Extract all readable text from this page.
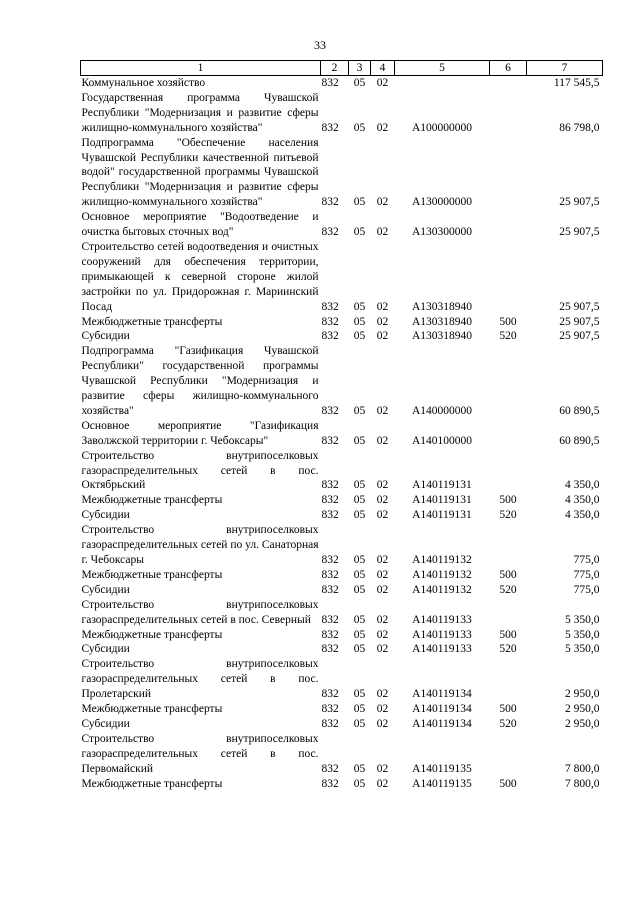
33
1	2	3	4	5	6	7
Коммунальное хозяйство	832	05	02			117 545,5
Государственная программа Чувашской Республики "Модернизация и развитие сферы жилищно-коммунального хозяйства"	832	05	02	А100000000		86 798,0
Подпрограмма "Обеспечение населения Чувашской Республики качественной питьевой водой" государственной программы Чувашской Республики "Модернизация и развитие сферы жилищно-коммунального хозяйства"	832	05	02	А130000000		25 907,5
Основное мероприятие "Водоотведение и очистка бытовых сточных вод"	832	05	02	А130300000		25 907,5
Строительство сетей водоотведения и очистных сооружений для обеспечения территории, примыкающей к северной стороне жилой застройки по ул. Придорожная г. Мариинский Посад	832	05	02	А130318940		25 907,5
Межбюджетные трансферты	832	05	02	А130318940	500	25 907,5
Субсидии	832	05	02	А130318940	520	25 907,5
Подпрограмма "Газификация Чувашской Республики" государственной программы Чувашской Республики "Модернизация и развитие сферы жилищно-коммунального хозяйства"	832	05	02	А140000000		60 890,5
Основное мероприятие "Газификация Заволжской территории г. Чебоксары"	832	05	02	А140100000		60 890,5
Строительство внутрипоселковых газораспределительных сетей в пос. Октябрьский	832	05	02	А140119131		4 350,0
Межбюджетные трансферты	832	05	02	А140119131	500	4 350,0
Субсидии	832	05	02	А140119131	520	4 350,0
Строительство внутрипоселковых газораспределительных сетей по ул. Санаторная г. Чебоксары	832	05	02	А140119132		775,0
Межбюджетные трансферты	832	05	02	А140119132	500	775,0
Субсидии	832	05	02	А140119132	520	775,0
Строительство внутрипоселковых газораспределительных сетей в пос. Северный	832	05	02	А140119133		5 350,0
Межбюджетные трансферты	832	05	02	А140119133	500	5 350,0
Субсидии	832	05	02	А140119133	520	5 350,0
Строительство внутрипоселковых газораспределительных сетей в пос. Пролетарский	832	05	02	А140119134		2 950,0
Межбюджетные трансферты	832	05	02	А140119134	500	2 950,0
Субсидии	832	05	02	А140119134	520	2 950,0
Строительство внутрипоселковых газораспределительных сетей в пос. Первомайский	832	05	02	А140119135		7 800,0
Межбюджетные трансферты	832	05	02	А140119135	500	7 800,0
